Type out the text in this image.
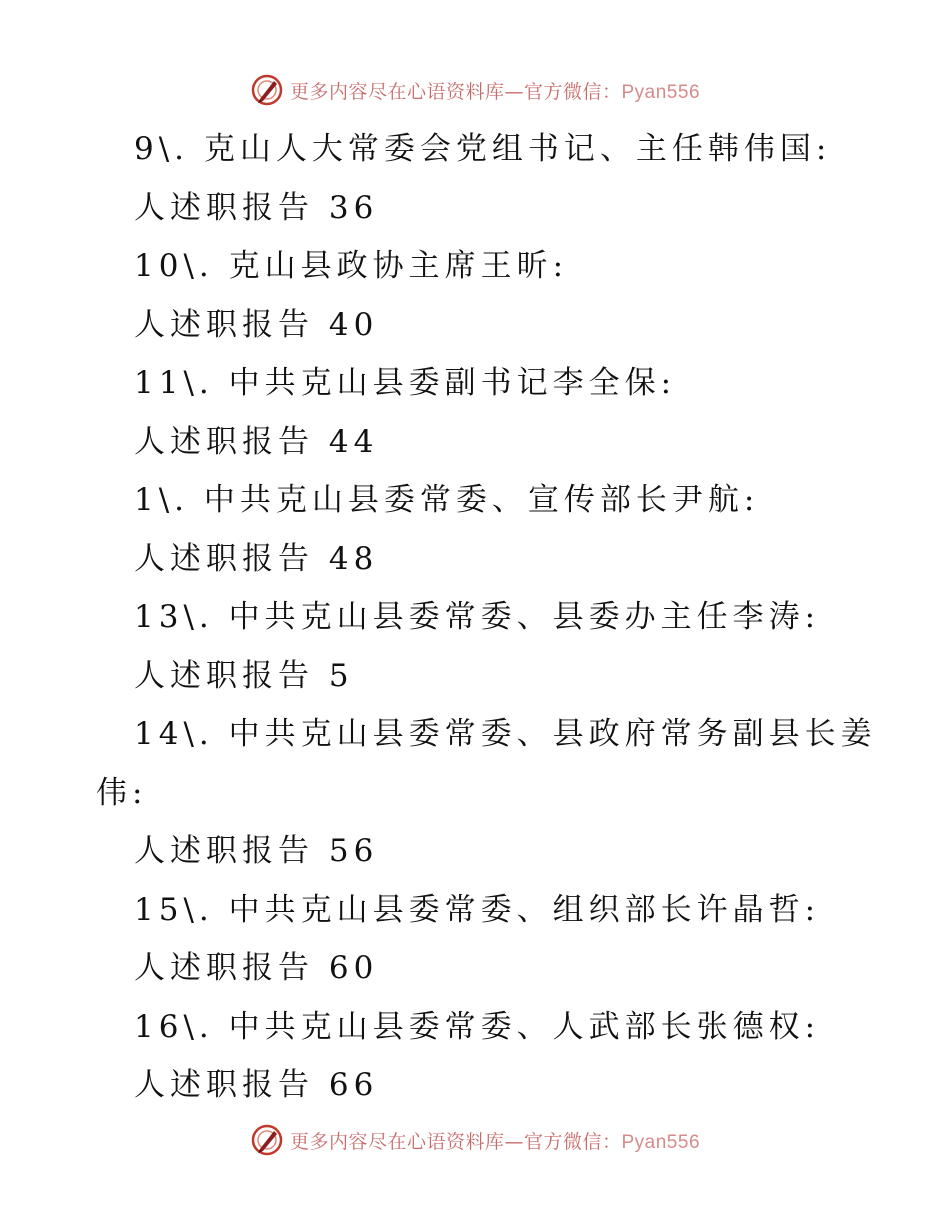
更多内容尽在心语资料库—官方微信：Pyan556
9\. 克山人大常委会党组书记、主任韩伟国:
人述职报告 36
10\. 克山县政协主席王昕:
人述职报告 40
11\. 中共克山县委副书记李全保:
人述职报告 44
1\. 中共克山县委常委、宣传部长尹航:
人述职报告 48
13\. 中共克山县委常委、县委办主任李涛:
人述职报告 5
14\. 中共克山县委常委、县政府常务副县长姜
伟:
人述职报告 56
15\. 中共克山县委常委、组织部长许晶哲:
人述职报告 60
16\. 中共克山县委常委、人武部长张德权:
人述职报告 66
更多内容尽在心语资料库—官方微信：Pyan556
